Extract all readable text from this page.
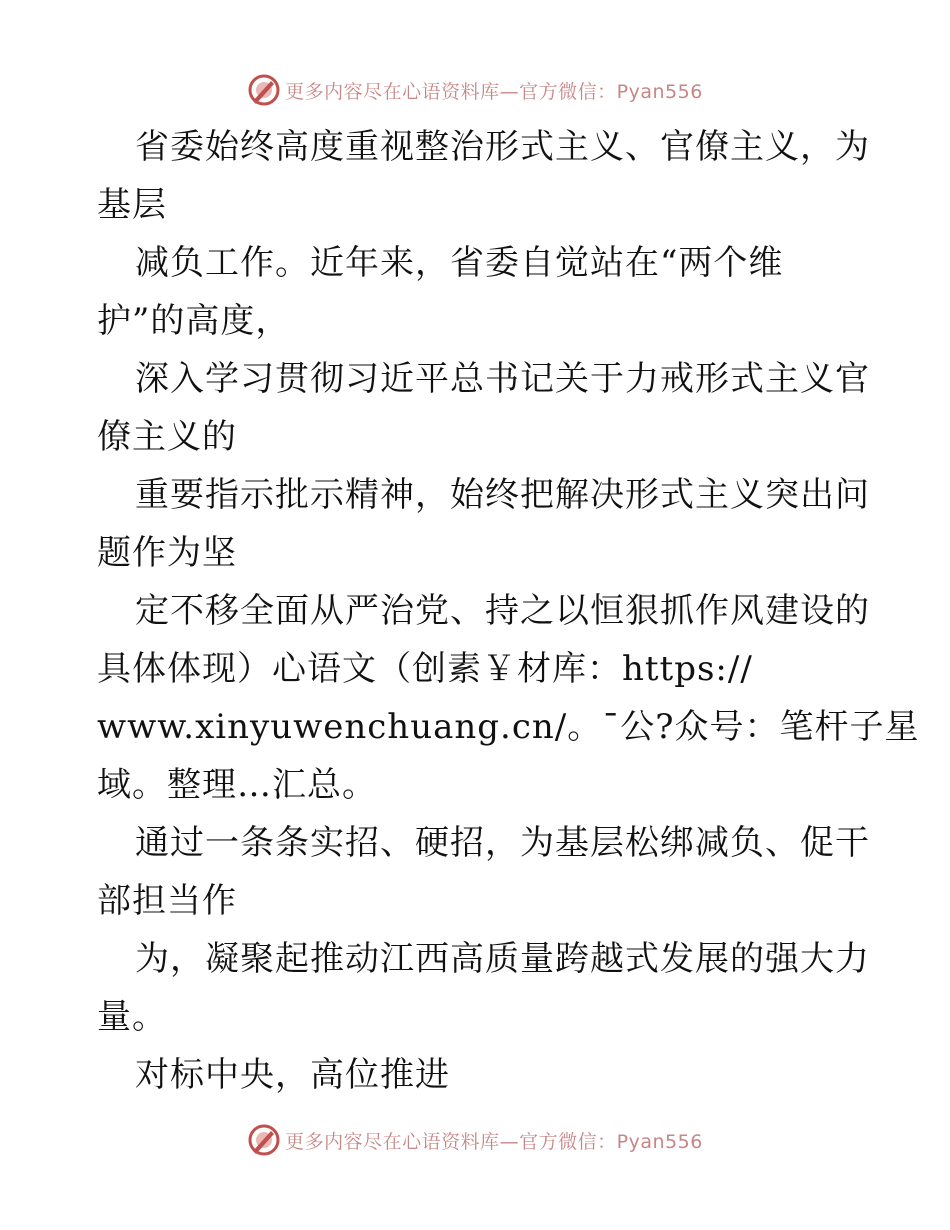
更多内容尽在心语资料库—官方微信：Pyan556
省委始终高度重视整治形式主义、官僚主义，为
基层
减负工作。近年来，省委自觉站在“两个维
护”的高度，
深入学习贯彻习近平总书记关于力戒形式主义官
僚主义的
重要指示批示精神，始终把解决形式主义突出问
题作为坚
定不移全面从严治党、持之以恒狠抓作风建设的
具体体现）心语文（创素￥材库：https://
www.xinyuwenchuang.cn/。¯公?众号：笔杆子星
域。整理…汇总。
通过一条条实招、硬招，为基层松绑减负、促干
部担当作
为，凝聚起推动江西高质量跨越式发展的强大力
量。
对标中央，高位推进
更多内容尽在心语资料库—官方微信：Pyan556
